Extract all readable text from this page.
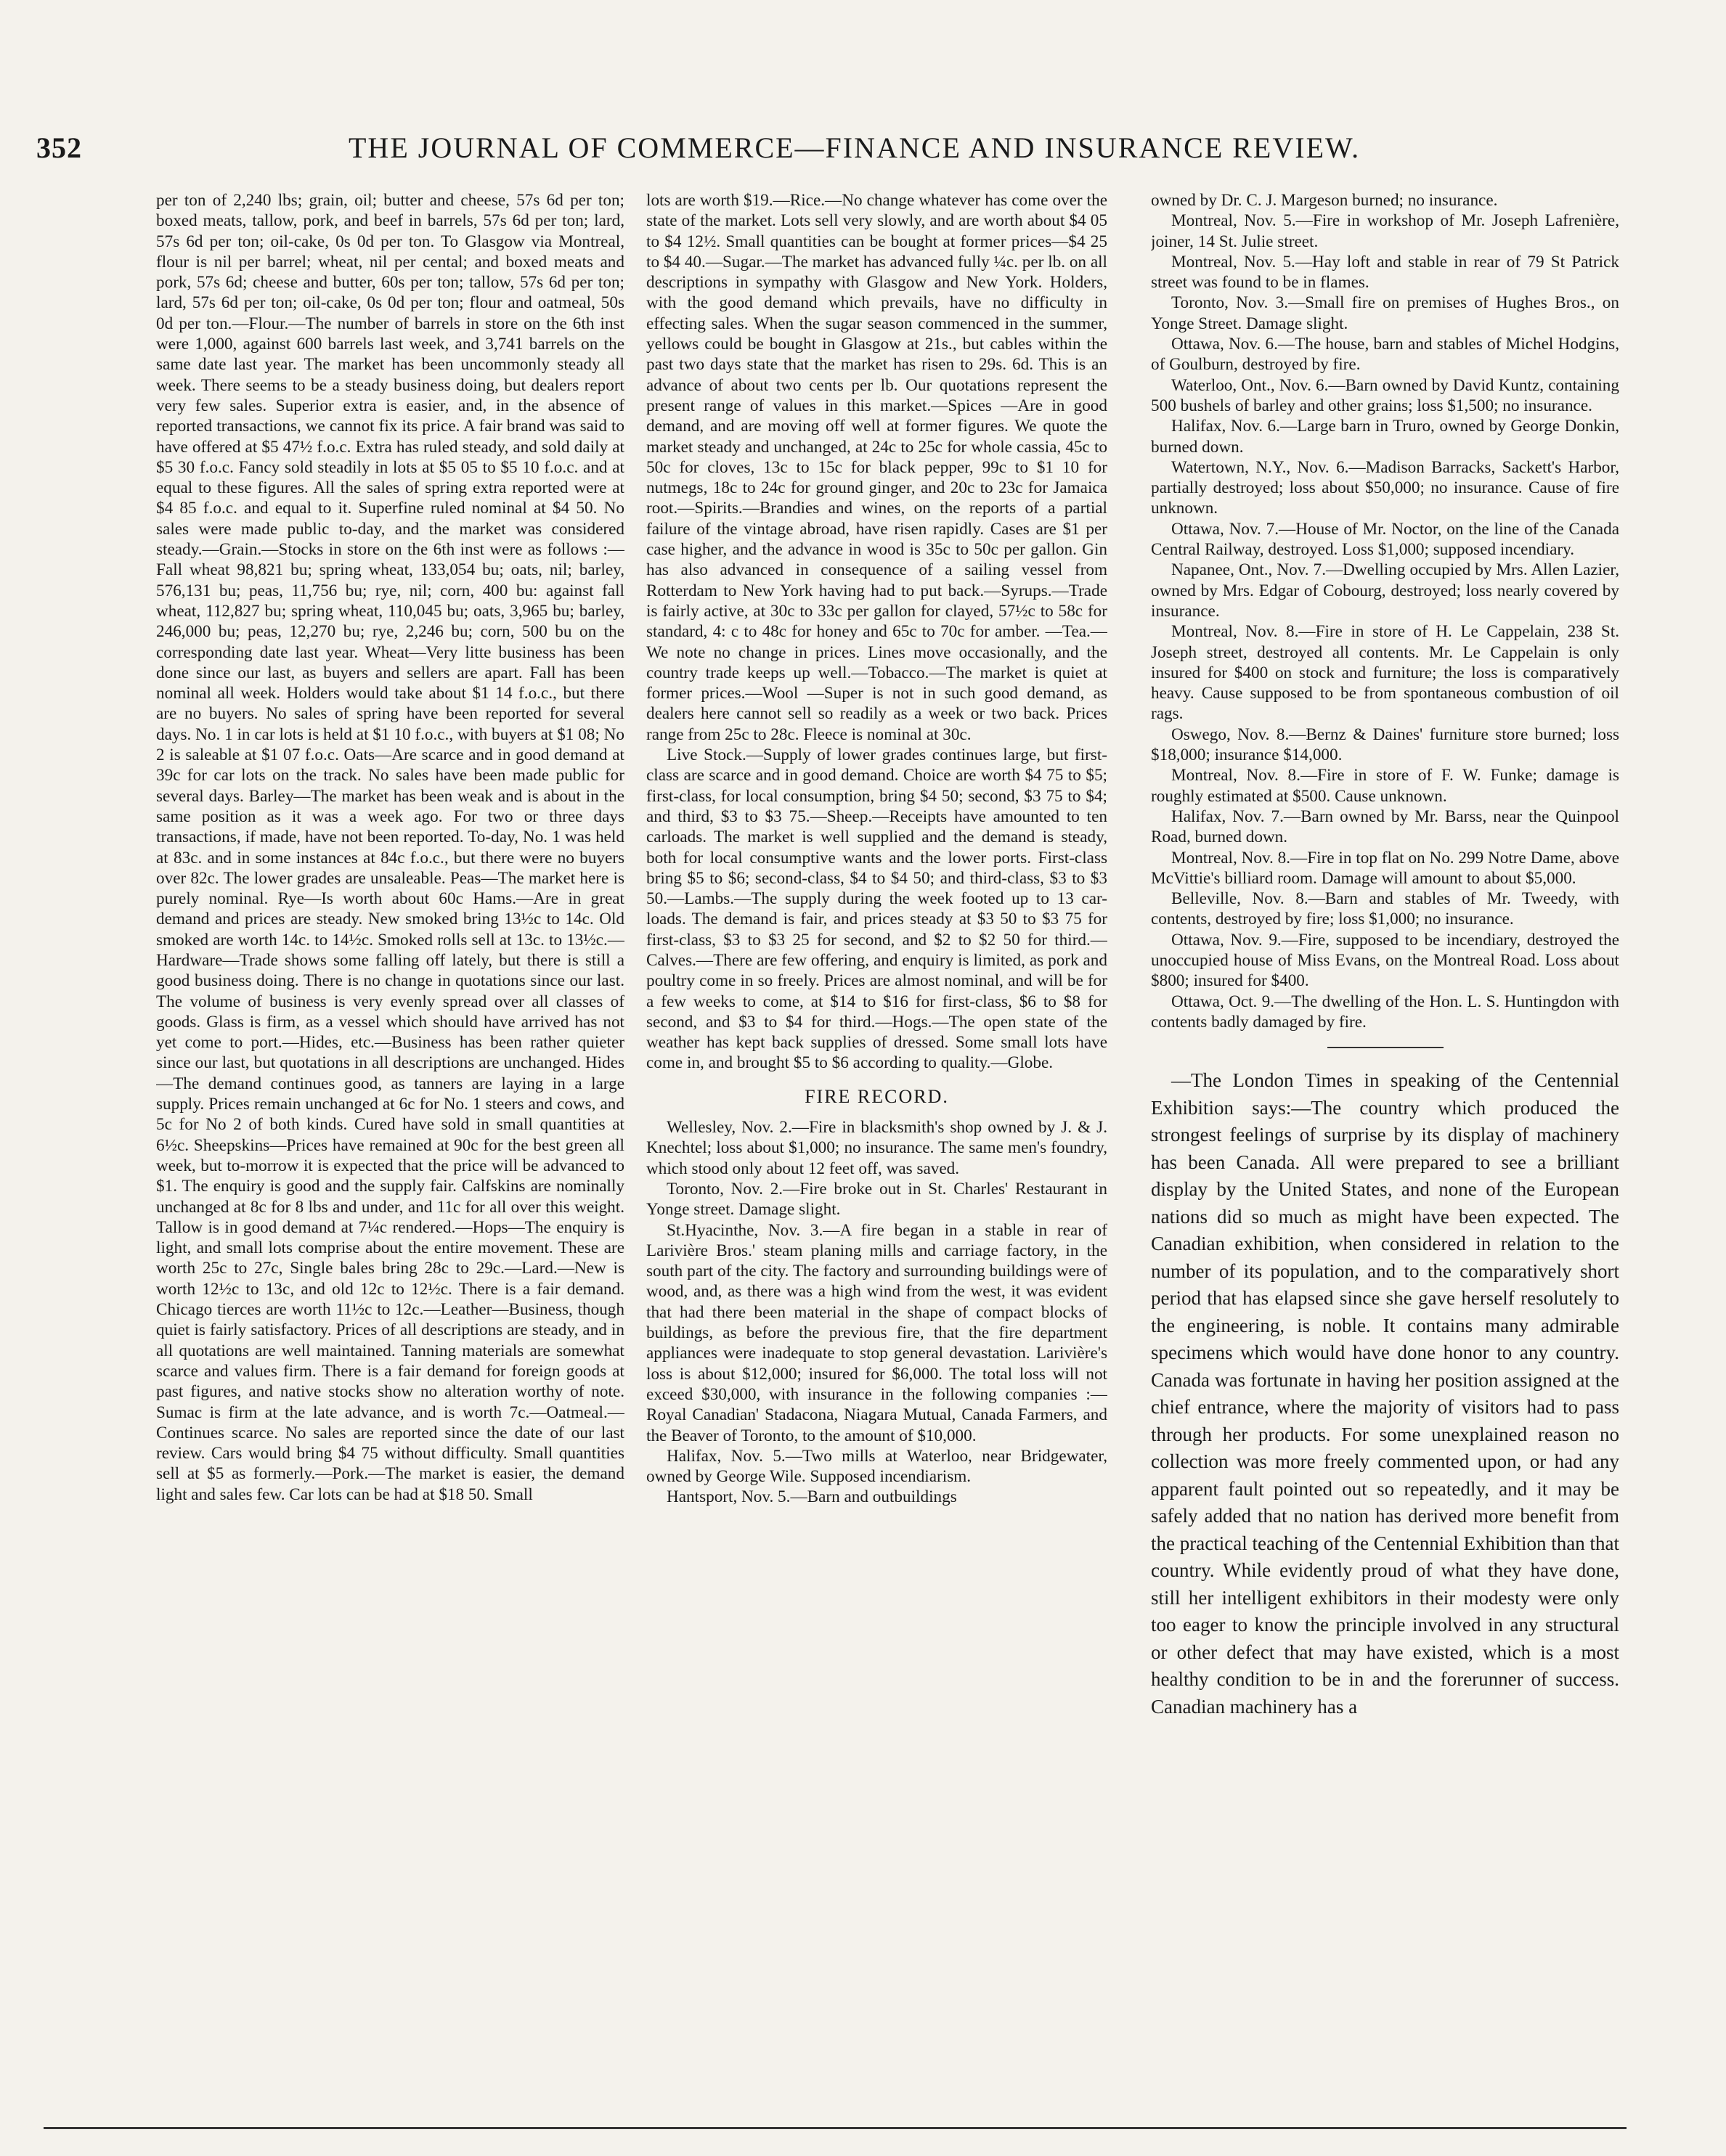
352	THE JOURNAL OF COMMERCE—FINANCE AND INSURANCE REVIEW.

per ton of 2,240 lbs; grain, oil; butter and cheese, 57s 6d per ton; boxed meats, tallow, pork, and beef in barrels, 57s 6d per ton; lard, 57s 6d per ton; oil-cake, 0s 0d per ton. To Glasgow via Montreal, flour is nil per barrel; wheat, nil per cental; and boxed meats and pork, 57s 6d; cheese and butter, 60s per ton; tallow, 57s 6d per ton; lard, 57s 6d per ton; oil-cake, 0s 0d per ton; flour and oatmeal, 50s 0d per ton.—Flour.—The number of barrels in store on the 6th inst were 1,000, against 600 barrels last week, and 3,741 barrels on the same date last year. The market has been uncommonly steady all week. There seems to be a steady business doing, but dealers report very few sales. Superior extra is easier, and, in the absence of reported transactions, we cannot fix its price. A fair brand was said to have offered at $5 47½ f.o.c. Extra has ruled steady, and sold daily at $5 30 f.o.c. Fancy sold steadily in lots at $5 05 to $5 10 f.o.c. and at equal to these figures. All the sales of spring extra reported were at $4 85 f.o.c. and equal to it. Superfine ruled nominal at $4 50. No sales were made public to-day, and the market was considered steady.—Grain.—Stocks in store on the 6th inst were as follows :—Fall wheat 98,821 bu; spring wheat, 133,054 bu; oats, nil; barley, 576,131 bu; peas, 11,756 bu; rye, nil; corn, 400 bu: against fall wheat, 112,827 bu; spring wheat, 110,045 bu; oats, 3,965 bu; barley, 246,000 bu; peas, 12,270 bu; rye, 2,246 bu; corn, 500 bu on the corresponding date last year. Wheat—Very litte business has been done since our last, as buyers and sellers are apart. Fall has been nominal all week. Holders would take about $1 14 f.o.c., but there are no buyers. No sales of spring have been reported for several days. No. 1 in car lots is held at $1 10 f.o.c., with buyers at $1 08; No 2 is saleable at $1 07 f.o.c. Oats—Are scarce and in good demand at 39c for car lots on the track. No sales have been made public for several days. Barley—The market has been weak and is about in the same position as it was a week ago. For two or three days transactions, if made, have not been reported. To-day, No. 1 was held at 83c. and in some instances at 84c f.o.c., but there were no buyers over 82c. The lower grades are unsaleable. Peas—The market here is purely nominal. Rye—Is worth about 60c Hams.—Are in great demand and prices are steady. New smoked bring 13½c to 14c. Old smoked are worth 14c. to 14½c. Smoked rolls sell at 13c. to 13½c.—Hardware—Trade shows some falling off lately, but there is still a good business doing. There is no change in quotations since our last. The volume of business is very evenly spread over all classes of goods. Glass is firm, as a vessel which should have arrived has not yet come to port.—Hides, etc.—Business has been rather quieter since our last, but quotations in all descriptions are unchanged. Hides—The demand continues good, as tanners are laying in a large supply. Prices remain unchanged at 6c for No. 1 steers and cows, and 5c for No 2 of both kinds. Cured have sold in small quantities at 6½c. Sheepskins—Prices have remained at 90c for the best green all week, but to-morrow it is expected that the price will be advanced to $1. The enquiry is good and the supply fair. Calfskins are nominally unchanged at 8c for 8 lbs and under, and 11c for all over this weight. Tallow is in good demand at 7¼c rendered.—Hops—The enquiry is light, and small lots comprise about the entire movement. These are worth 25c to 27c, Single bales bring 28c to 29c.—Lard.—New is worth 12½c to 13c, and old 12c to 12½c. There is a fair demand. Chicago tierces are worth 11½c to 12c.—Leather—Business, though quiet is fairly satisfactory. Prices of all descriptions are steady, and in all quotations are well maintained. Tanning materials are somewhat scarce and values firm. There is a fair demand for foreign goods at past figures, and native stocks show no alteration worthy of note. Sumac is firm at the late advance, and is worth 7c.—Oatmeal.—Continues scarce. No sales are reported since the date of our last review. Cars would bring $4 75 without difficulty. Small quantities sell at $5 as formerly.—Pork.—The market is easier, the demand light and sales few. Car lots can be had at $18 50. Small

lots are worth $19.—Rice.—No change whatever has come over the state of the market. Lots sell very slowly, and are worth about $4 05 to $4 12½. Small quantities can be bought at former prices—$4 25 to $4 40.—Sugar.—The market has advanced fully ¼c. per lb. on all descriptions in sympathy with Glasgow and New York. Holders, with the good demand which prevails, have no difficulty in effecting sales. When the sugar season commenced in the summer, yellows could be bought in Glasgow at 21s., but cables within the past two days state that the market has risen to 29s. 6d. This is an advance of about two cents per lb. Our quotations represent the present range of values in this market.—Spices —Are in good demand, and are moving off well at former figures. We quote the market steady and unchanged, at 24c to 25c for whole cassia, 45c to 50c for cloves, 13c to 15c for black pepper, 99c to $1 10 for nutmegs, 18c to 24c for ground ginger, and 20c to 23c for Jamaica root.—Spirits.—Brandies and wines, on the reports of a partial failure of the vintage abroad, have risen rapidly. Cases are $1 per case higher, and the advance in wood is 35c to 50c per gallon. Gin has also advanced in consequence of a sailing vessel from Rotterdam to New York having had to put back.—Syrups.—Trade is fairly active, at 30c to 33c per gallon for clayed, 57½c to 58c for standard, 4: c to 48c for honey and 65c to 70c for amber. —Tea.—We note no change in prices. Lines move occasionally, and the country trade keeps up well.—Tobacco.—The market is quiet at former prices.—Wool —Super is not in such good demand, as dealers here cannot sell so readily as a week or two back. Prices range from 25c to 28c. Fleece is nominal at 30c.

Live Stock.—Supply of lower grades continues large, but first-class are scarce and in good demand. Choice are worth $4 75 to $5; first-class, for local consumption, bring $4 50; second, $3 75 to $4; and third, $3 to $3 75.—Sheep.—Receipts have amounted to ten carloads. The market is well supplied and the demand is steady, both for local consumptive wants and the lower ports. First-class bring $5 to $6; second-class, $4 to $4 50; and third-class, $3 to $3 50.—Lambs.—The supply during the week footed up to 13 car-loads. The demand is fair, and prices steady at $3 50 to $3 75 for first-class, $3 to $3 25 for second, and $2 to $2 50 for third.—Calves.—There are few offering, and enquiry is limited, as pork and poultry come in so freely. Prices are almost nominal, and will be for a few weeks to come, at $14 to $16 for first-class, $6 to $8 for second, and $3 to $4 for third.—Hogs.—The open state of the weather has kept back supplies of dressed. Some small lots have come in, and brought $5 to $6 according to quality.—Globe.

FIRE RECORD.

Wellesley, Nov. 2.—Fire in blacksmith's shop owned by J. & J. Knechtel; loss about $1,000; no insurance. The same men's foundry, which stood only about 12 feet off, was saved.

Toronto, Nov. 2.—Fire broke out in St. Charles' Restaurant in Yonge street. Damage slight.

St.Hyacinthe, Nov. 3.—A fire began in a stable in rear of Larivière Bros.' steam planing mills and carriage factory, in the south part of the city. The factory and surrounding buildings were of wood, and, as there was a high wind from the west, it was evident that had there been material in the shape of compact blocks of buildings, as before the previous fire, that the fire department appliances were inadequate to stop general devastation. Larivière's loss is about $12,000; insured for $6,000. The total loss will not exceed $30,000, with insurance in the following companies :—Royal Canadian' Stadacona, Niagara Mutual, Canada Farmers, and the Beaver of Toronto, to the amount of $10,000.

Halifax, Nov. 5.—Two mills at Waterloo, near Bridgewater, owned by George Wile. Supposed incendiarism.

Hantsport, Nov. 5.—Barn and outbuildings

owned by Dr. C. J. Margeson burned; no insurance.

Montreal, Nov. 5.—Fire in workshop of Mr. Joseph Lafrenière, joiner, 14 St. Julie street.

Montreal, Nov. 5.—Hay loft and stable in rear of 79 St Patrick street was found to be in flames.

Toronto, Nov. 3.—Small fire on premises of Hughes Bros., on Yonge Street. Damage slight.

Ottawa, Nov. 6.—The house, barn and stables of Michel Hodgins, of Goulburn, destroyed by fire.

Waterloo, Ont., Nov. 6.—Barn owned by David Kuntz, containing 500 bushels of barley and other grains; loss $1,500; no insurance.

Halifax, Nov. 6.—Large barn in Truro, owned by George Donkin, burned down.

Watertown, N.Y., Nov. 6.—Madison Barracks, Sackett's Harbor, partially destroyed; loss about $50,000; no insurance. Cause of fire unknown.

Ottawa, Nov. 7.—House of Mr. Noctor, on the line of the Canada Central Railway, destroyed. Loss $1,000; supposed incendiary.

Napanee, Ont., Nov. 7.—Dwelling occupied by Mrs. Allen Lazier, owned by Mrs. Edgar of Cobourg, destroyed; loss nearly covered by insurance.

Montreal, Nov. 8.—Fire in store of H. Le Cappelain, 238 St. Joseph street, destroyed all contents. Mr. Le Cappelain is only insured for $400 on stock and furniture; the loss is comparatively heavy. Cause supposed to be from spontaneous combustion of oil rags.

Oswego, Nov. 8.—Bernz & Daines' furniture store burned; loss $18,000; insurance $14,000.

Montreal, Nov. 8.—Fire in store of F. W. Funke; damage is roughly estimated at $500. Cause unknown.

Halifax, Nov. 7.—Barn owned by Mr. Barss, near the Quinpool Road, burned down.

Montreal, Nov. 8.—Fire in top flat on No. 299 Notre Dame, above McVittie's billiard room. Damage will amount to about $5,000.

Belleville, Nov. 8.—Barn and stables of Mr. Tweedy, with contents, destroyed by fire; loss $1,000; no insurance.

Ottawa, Nov. 9.—Fire, supposed to be incendiary, destroyed the unoccupied house of Miss Evans, on the Montreal Road. Loss about $800; insured for $400.

Ottawa, Oct. 9.—The dwelling of the Hon. L. S. Huntingdon with contents badly damaged by fire.

—The London Times in speaking of the Centennial Exhibition says:—The country which produced the strongest feelings of surprise by its display of machinery has been Canada. All were prepared to see a brilliant display by the United States, and none of the European nations did so much as might have been expected. The Canadian exhibition, when considered in relation to the number of its population, and to the comparatively short period that has elapsed since she gave herself resolutely to the engineering, is noble. It contains many admirable specimens which would have done honor to any country. Canada was fortunate in having her position assigned at the chief entrance, where the majority of visitors had to pass through her products. For some unexplained reason no collection was more freely commented upon, or had any apparent fault pointed out so repeatedly, and it may be safely added that no nation has derived more benefit from the practical teaching of the Centennial Exhibition than that country. While evidently proud of what they have done, still her intelligent exhibitors in their modesty were only too eager to know the principle involved in any structural or other defect that may have existed, which is a most healthy condition to be in and the forerunner of success. Canadian machinery has a
